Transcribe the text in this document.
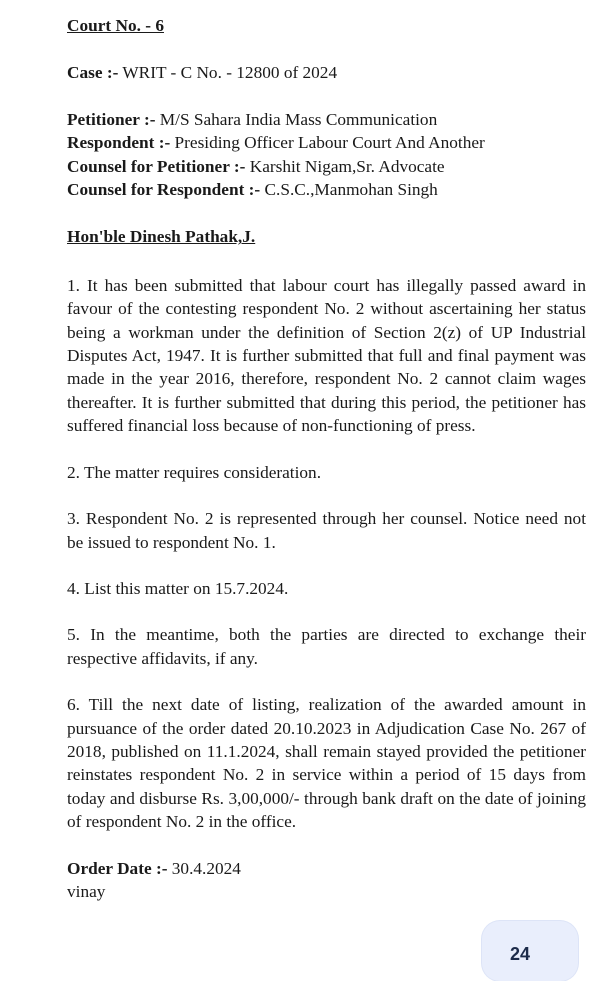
Court No. - 6
Case :- WRIT - C No. - 12800 of 2024
Petitioner :- M/S Sahara India Mass Communication
Respondent :- Presiding Officer Labour Court And Another
Counsel for Petitioner :- Karshit Nigam,Sr. Advocate
Counsel for Respondent :- C.S.C.,Manmohan Singh
Hon'ble Dinesh Pathak,J.
1. It has been submitted that labour court has illegally passed award in favour of the contesting respondent No. 2 without ascertaining her status being a workman under the definition of Section 2(z) of UP Industrial Disputes Act, 1947. It is further submitted that full and final payment was made in the year 2016, therefore, respondent No. 2 cannot claim wages thereafter. It is further submitted that during this period, the petitioner has suffered financial loss because of non-functioning of press.
2. The matter requires consideration.
3. Respondent No. 2 is represented through her counsel. Notice need not be issued to respondent No. 1.
4. List this matter on 15.7.2024.
5. In the meantime, both the parties are directed to exchange their respective affidavits, if any.
6. Till the next date of listing, realization of the awarded amount in pursuance of the order dated 20.10.2023 in Adjudication Case No. 267 of 2018, published on 11.1.2024, shall remain stayed provided the petitioner reinstates respondent No. 2 in service within a period of 15 days from today and disburse Rs. 3,00,000/- through bank draft on the date of joining of respondent No. 2 in the office.
Order Date :- 30.4.2024
vinay
24
